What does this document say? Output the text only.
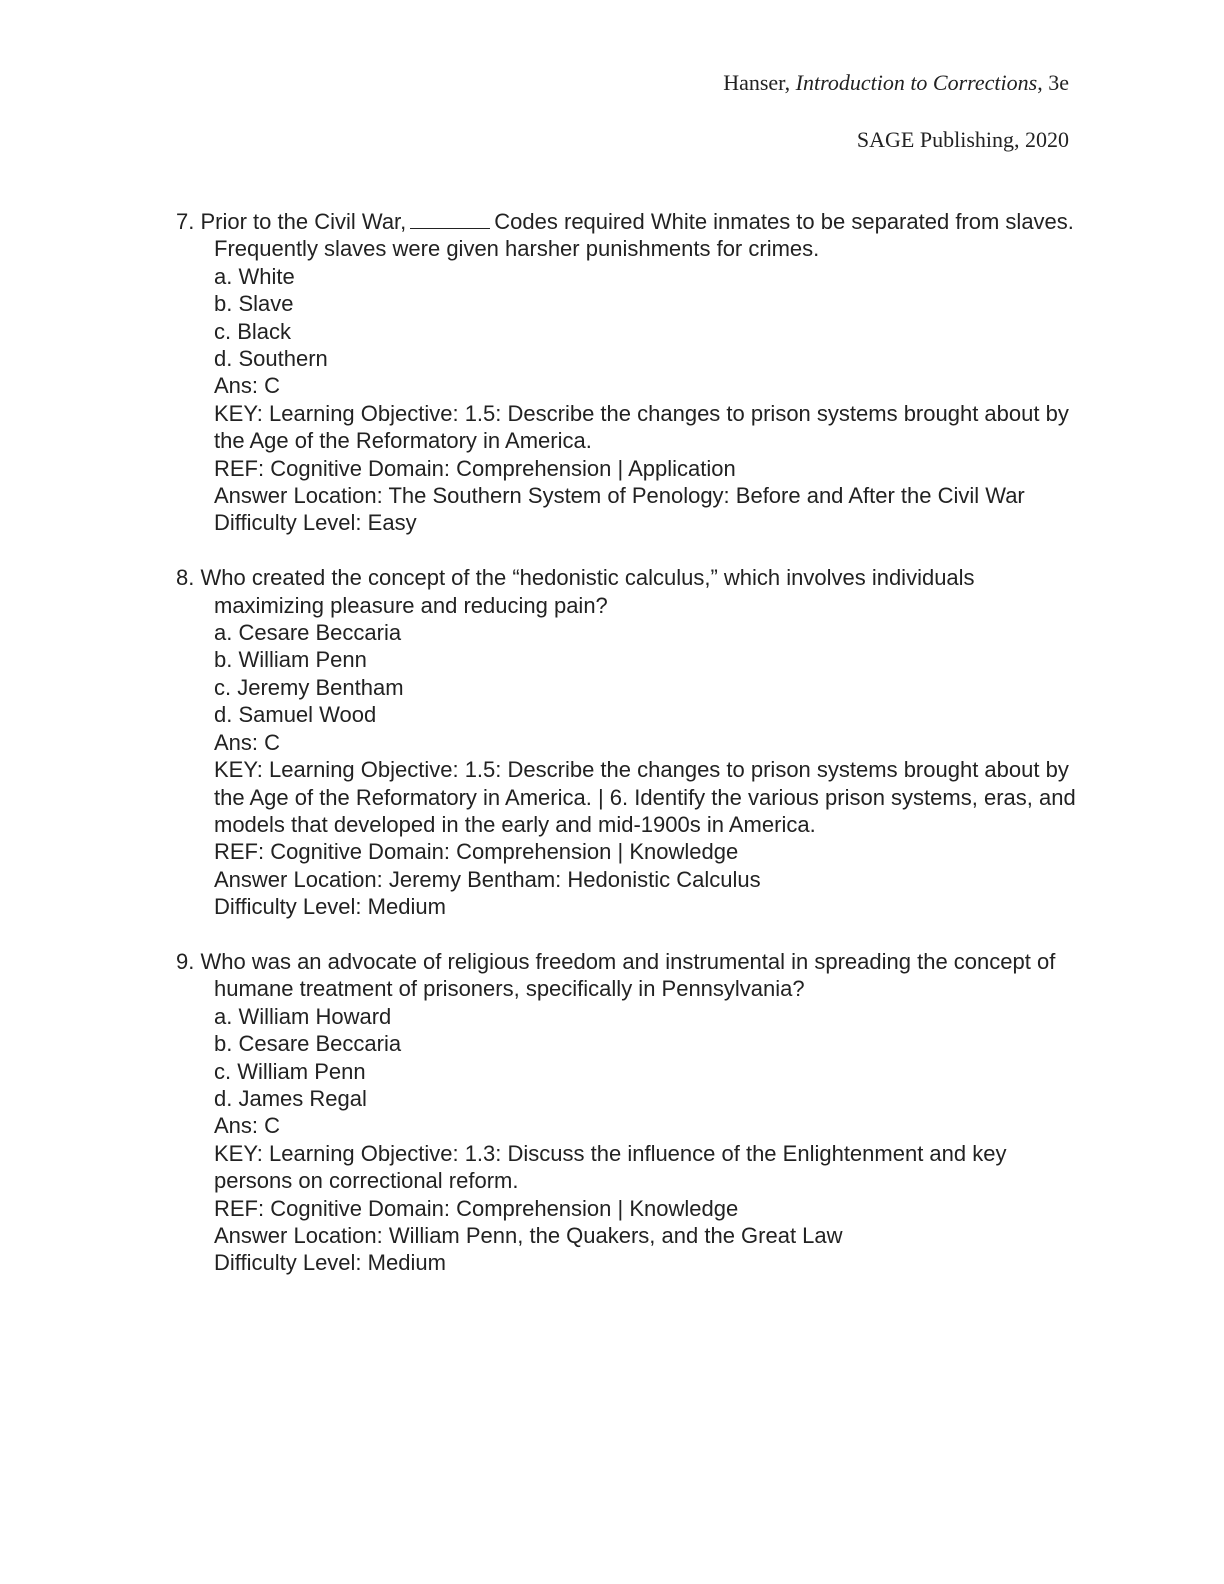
Hanser, Introduction to Corrections, 3e
SAGE Publishing, 2020
7. Prior to the Civil War,	Codes required White inmates to be separated from slaves. Frequently slaves were given harsher punishments for crimes.
a. White
b. Slave
c. Black
d. Southern
Ans: C
KEY: Learning Objective: 1.5: Describe the changes to prison systems brought about by the Age of the Reformatory in America.
REF: Cognitive Domain: Comprehension | Application
Answer Location: The Southern System of Penology: Before and After the Civil War
Difficulty Level: Easy
8. Who created the concept of the “hedonistic calculus,” which involves individuals maximizing pleasure and reducing pain?
a. Cesare Beccaria
b. William Penn
c. Jeremy Bentham
d. Samuel Wood
Ans: C
KEY: Learning Objective: 1.5: Describe the changes to prison systems brought about by the Age of the Reformatory in America. | 6. Identify the various prison systems, eras, and models that developed in the early and mid-1900s in America.
REF: Cognitive Domain: Comprehension | Knowledge
Answer Location: Jeremy Bentham: Hedonistic Calculus
Difficulty Level: Medium
9. Who was an advocate of religious freedom and instrumental in spreading the concept of humane treatment of prisoners, specifically in Pennsylvania?
a. William Howard
b. Cesare Beccaria
c. William Penn
d. James Regal
Ans: C
KEY: Learning Objective: 1.3: Discuss the influence of the Enlightenment and key persons on correctional reform.
REF: Cognitive Domain: Comprehension | Knowledge
Answer Location: William Penn, the Quakers, and the Great Law
Difficulty Level: Medium
